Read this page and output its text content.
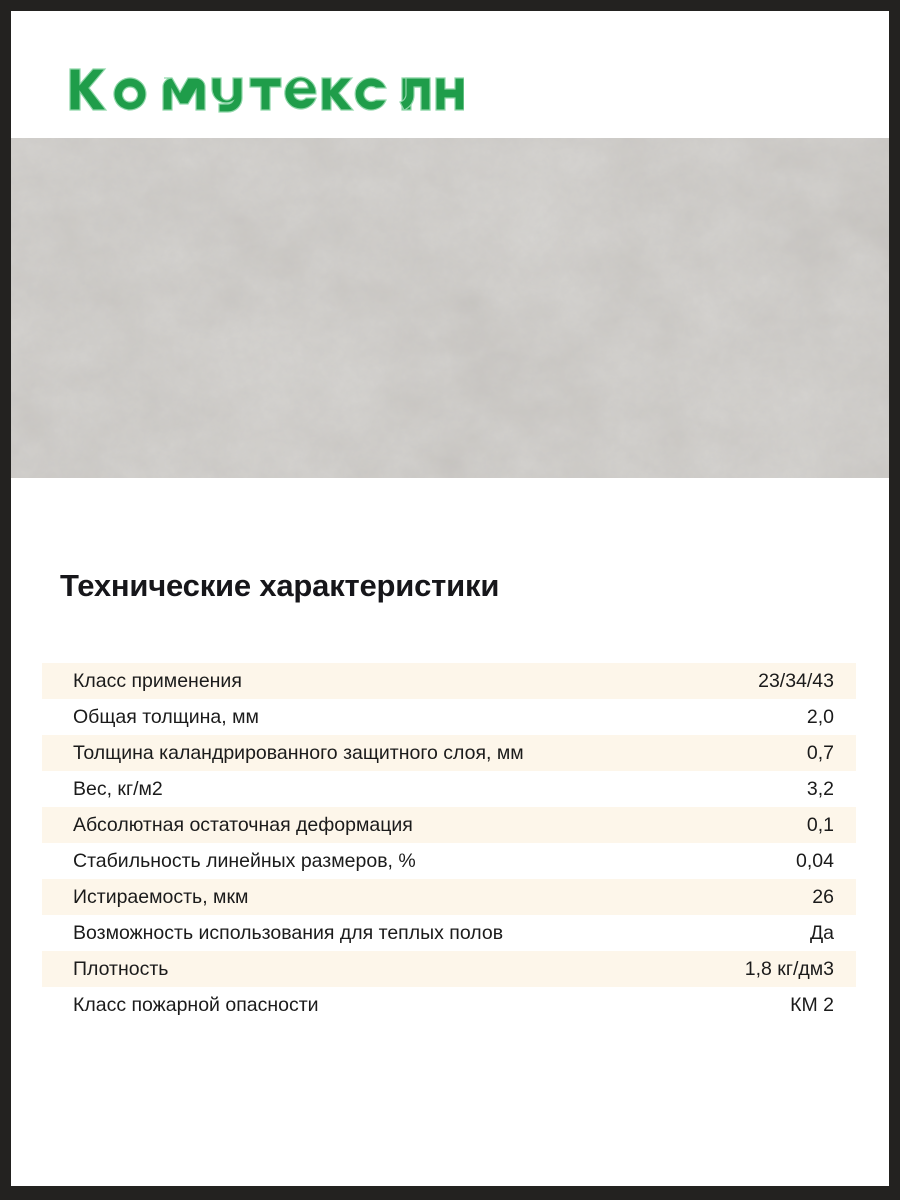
Технические характеристики
Класс применения	23/34/43
Общая толщина, мм	2,0
Толщина каландрированного защитного слоя, мм	0,7
Вес, кг/м2	3,2
Абсолютная остаточная деформация	0,1
Стабильность линейных размеров, %	0,04
Истираемость, мкм	26
Возможность использования для теплых полов	Да
Плотность	1,8 кг/дм3
Класс пожарной опасности	КМ 2
